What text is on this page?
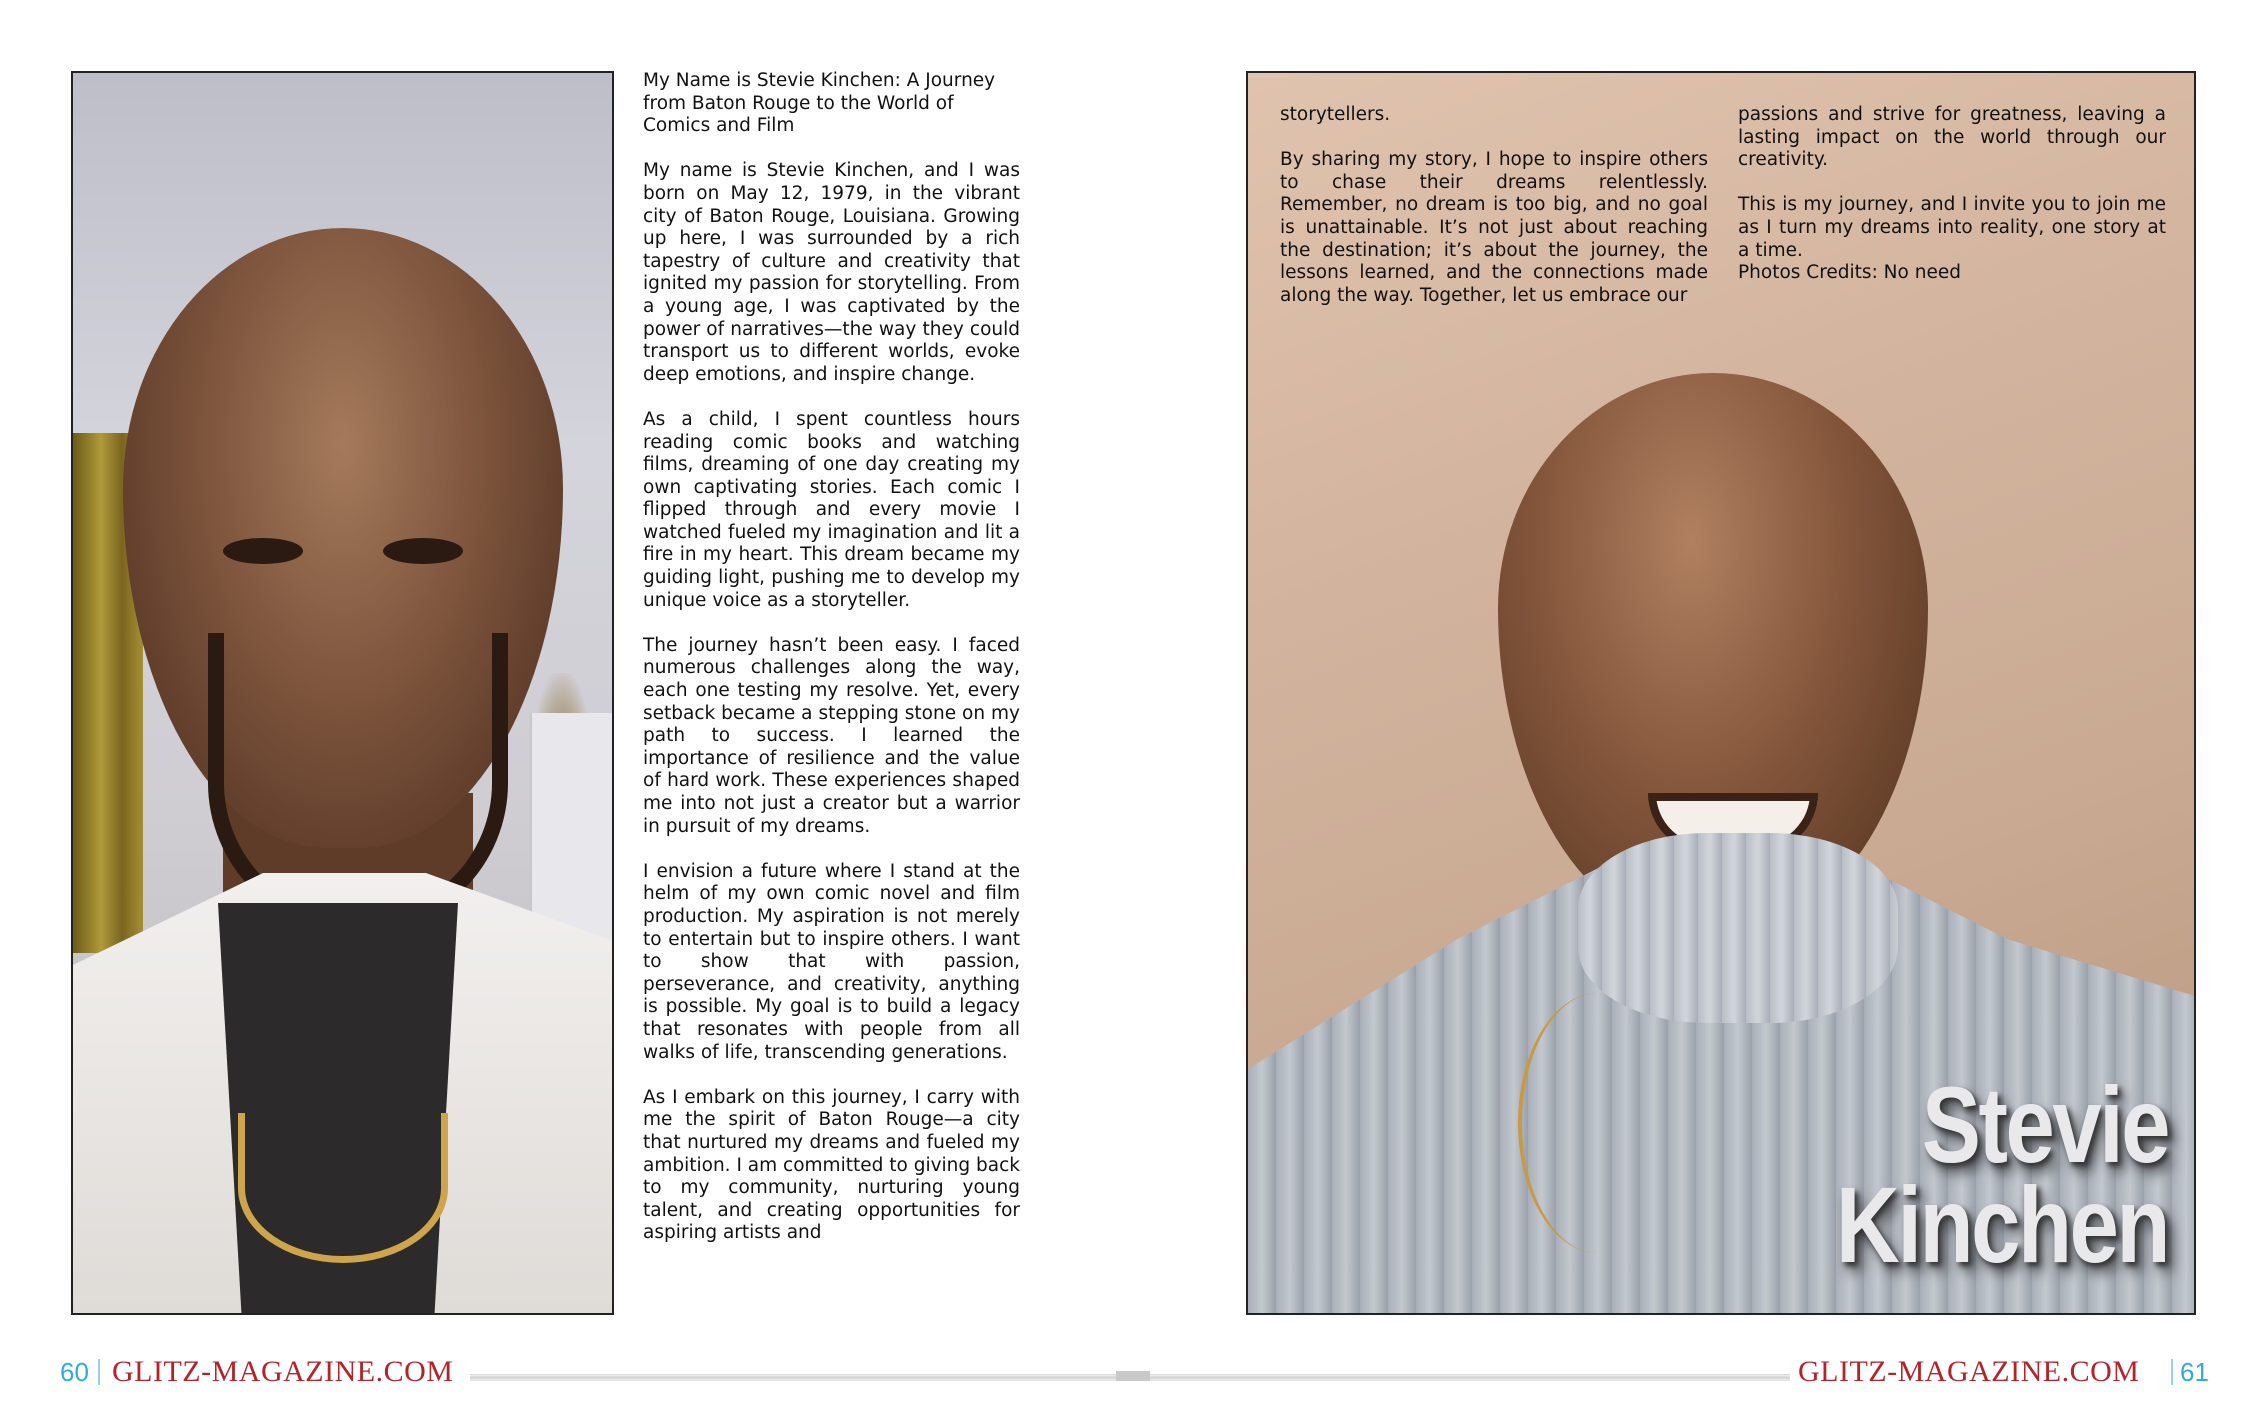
My Name is Stevie Kinchen: A Journey from Baton Rouge to the World of Comics and Film

My name is Stevie Kinchen, and I was born on May 12, 1979, in the vibrant city of Baton Rouge, Louisiana. Growing up here, I was surrounded by a rich tapestry of culture and creativity that ignited my passion for storytelling. From a young age, I was captivated by the power of narratives—the way they could transport us to different worlds, evoke deep emotions, and inspire change.

As a child, I spent countless hours reading comic books and watching films, dreaming of one day creating my own captivating stories. Each comic I flipped through and every movie I watched fueled my imagination and lit a fire in my heart. This dream became my guiding light, pushing me to develop my unique voice as a storyteller.

The journey hasn’t been easy. I faced numerous challenges along the way, each one testing my resolve. Yet, every setback became a stepping stone on my path to success. I learned the importance of resilience and the value of hard work. These experiences shaped me into not just a creator but a warrior in pursuit of my dreams.

I envision a future where I stand at the helm of my own comic novel and film production. My aspiration is not merely to entertain but to inspire others. I want to show that with passion, perseverance, and creativity, anything is possible. My goal is to build a legacy that resonates with people from all walks of life, transcending generations.

As I embark on this journey, I carry with me the spirit of Baton Rouge—a city that nurtured my dreams and fueled my ambition. I am committed to giving back to my community, nurturing young talent, and creating opportunities for aspiring artists and

storytellers.

By sharing my story, I hope to inspire others to chase their dreams relentlessly. Remember, no dream is too big, and no goal is unattainable. It’s not just about reaching the destination; it’s about the journey, the lessons learned, and the connections made along the way. Together, let us embrace our

passions and strive for greatness, leaving a lasting impact on the world through our creativity.

This is my journey, and I invite you to join me as I turn my dreams into reality, one story at a time.

Photos Credits: No need

Stevie
Kinchen
60 GLITZ-MAGAZINE.COM	GLITZ-MAGAZINE.COM 61
